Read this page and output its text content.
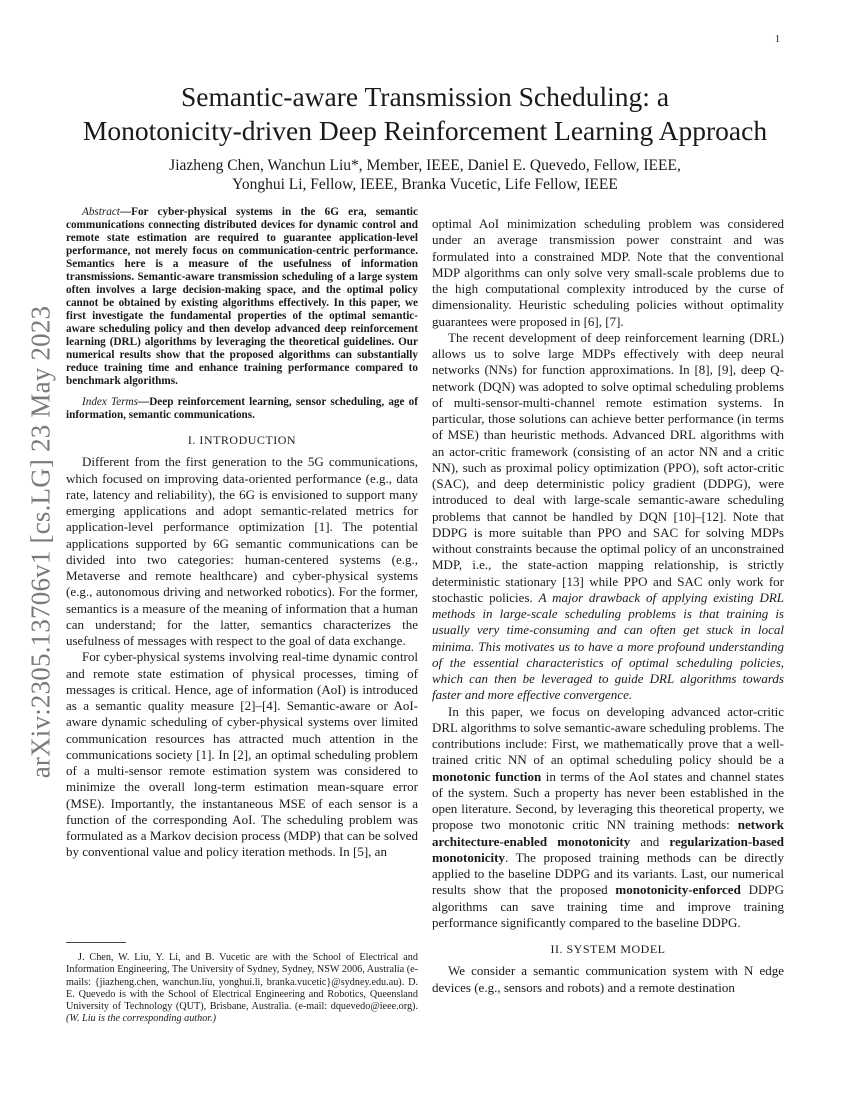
1
arXiv:2305.13706v1 [cs.LG] 23 May 2023
Semantic-aware Transmission Scheduling: a
Monotonicity-driven Deep Reinforcement Learning Approach
Jiazheng Chen, Wanchun Liu*, Member, IEEE, Daniel E. Quevedo, Fellow, IEEE,
Yonghui Li, Fellow, IEEE, Branka Vucetic, Life Fellow, IEEE

Abstract—For cyber-physical systems in the 6G era, semantic communications connecting distributed devices for dynamic control and remote state estimation are required to guarantee application-level performance, not merely focus on communication-centric performance. Semantics here is a measure of the usefulness of information transmissions. Semantic-aware transmission scheduling of a large system often involves a large decision-making space, and the optimal policy cannot be obtained by existing algorithms effectively. In this paper, we first investigate the fundamental properties of the optimal semantic-aware scheduling policy and then develop advanced deep reinforcement learning (DRL) algorithms by leveraging the theoretical guidelines. Our numerical results show that the proposed algorithms can substantially reduce training time and enhance training performance compared to benchmark algorithms.

Index Terms—Deep reinforcement learning, sensor scheduling, age of information, semantic communications.

I. INTRODUCTION

Different from the first generation to the 5G communications, which focused on improving data-oriented performance (e.g., data rate, latency and reliability), the 6G is envisioned to support many emerging applications and adopt semantic-related metrics for application-level performance optimization [1]. The potential applications supported by 6G semantic communications can be divided into two categories: human-centered systems (e.g., Metaverse and remote healthcare) and cyber-physical systems (e.g., autonomous driving and networked robotics). For the former, semantics is a measure of the meaning of information that a human can understand; for the latter, semantics characterizes the usefulness of messages with respect to the goal of data exchange.

For cyber-physical systems involving real-time dynamic control and remote state estimation of physical processes, timing of messages is critical. Hence, age of information (AoI) is introduced as a semantic quality measure [2]–[4]. Semantic-aware or AoI-aware dynamic scheduling of cyber-physical systems over limited communication resources has attracted much attention in the communications society [1]. In [2], an optimal scheduling problem of a multi-sensor remote estimation system was considered to minimize the overall long-term estimation mean-square error (MSE). Importantly, the instantaneous MSE of each sensor is a function of the corresponding AoI. The scheduling problem was formulated as a Markov decision process (MDP) that can be solved by conventional value and policy iteration methods. In [5], an

J. Chen, W. Liu, Y. Li, and B. Vucetic are with the School of Electrical and Information Engineering, The University of Sydney, Sydney, NSW 2006, Australia (e-mails: {jiazheng.chen, wanchun.liu, yonghui.li, branka.vucetic}@sydney.edu.au). D. E. Quevedo is with the School of Electrical Engineering and Robotics, Queensland University of Technology (QUT), Brisbane, Australia. (e-mail: dquevedo@ieee.org). (W. Liu is the corresponding author.)

optimal AoI minimization scheduling problem was considered under an average transmission power constraint and was formulated into a constrained MDP. Note that the conventional MDP algorithms can only solve very small-scale problems due to the high computational complexity introduced by the curse of dimensionality. Heuristic scheduling policies without optimality guarantees were proposed in [6], [7].

The recent development of deep reinforcement learning (DRL) allows us to solve large MDPs effectively with deep neural networks (NNs) for function approximations. In [8], [9], deep Q-network (DQN) was adopted to solve optimal scheduling problems of multi-sensor-multi-channel remote estimation systems. In particular, those solutions can achieve better performance (in terms of MSE) than heuristic methods. Advanced DRL algorithms with an actor-critic framework (consisting of an actor NN and a critic NN), such as proximal policy optimization (PPO), soft actor-critic (SAC), and deep deterministic policy gradient (DDPG), were introduced to deal with large-scale semantic-aware scheduling problems that cannot be handled by DQN [10]–[12]. Note that DDPG is more suitable than PPO and SAC for solving MDPs without constraints because the optimal policy of an unconstrained MDP, i.e., the state-action mapping relationship, is strictly deterministic stationary [13] while PPO and SAC only work for stochastic policies. A major drawback of applying existing DRL methods in large-scale scheduling problems is that training is usually very time-consuming and can often get stuck in local minima. This motivates us to have a more profound understanding of the essential characteristics of optimal scheduling policies, which can then be leveraged to guide DRL algorithms towards faster and more effective convergence.

In this paper, we focus on developing advanced actor-critic DRL algorithms to solve semantic-aware scheduling problems. The contributions include: First, we mathematically prove that a well-trained critic NN of an optimal scheduling policy should be a monotonic function in terms of the AoI states and channel states of the system. Such a property has never been established in the open literature. Second, by leveraging this theoretical property, we propose two monotonic critic NN training methods: network architecture-enabled monotonicity and regularization-based monotonicity. The proposed training methods can be directly applied to the baseline DDPG and its variants. Last, our numerical results show that the proposed monotonicity-enforced DDPG algorithms can save training time and improve training performance significantly compared to the baseline DDPG.

II. SYSTEM MODEL

We consider a semantic communication system with N edge devices (e.g., sensors and robots) and a remote destination
